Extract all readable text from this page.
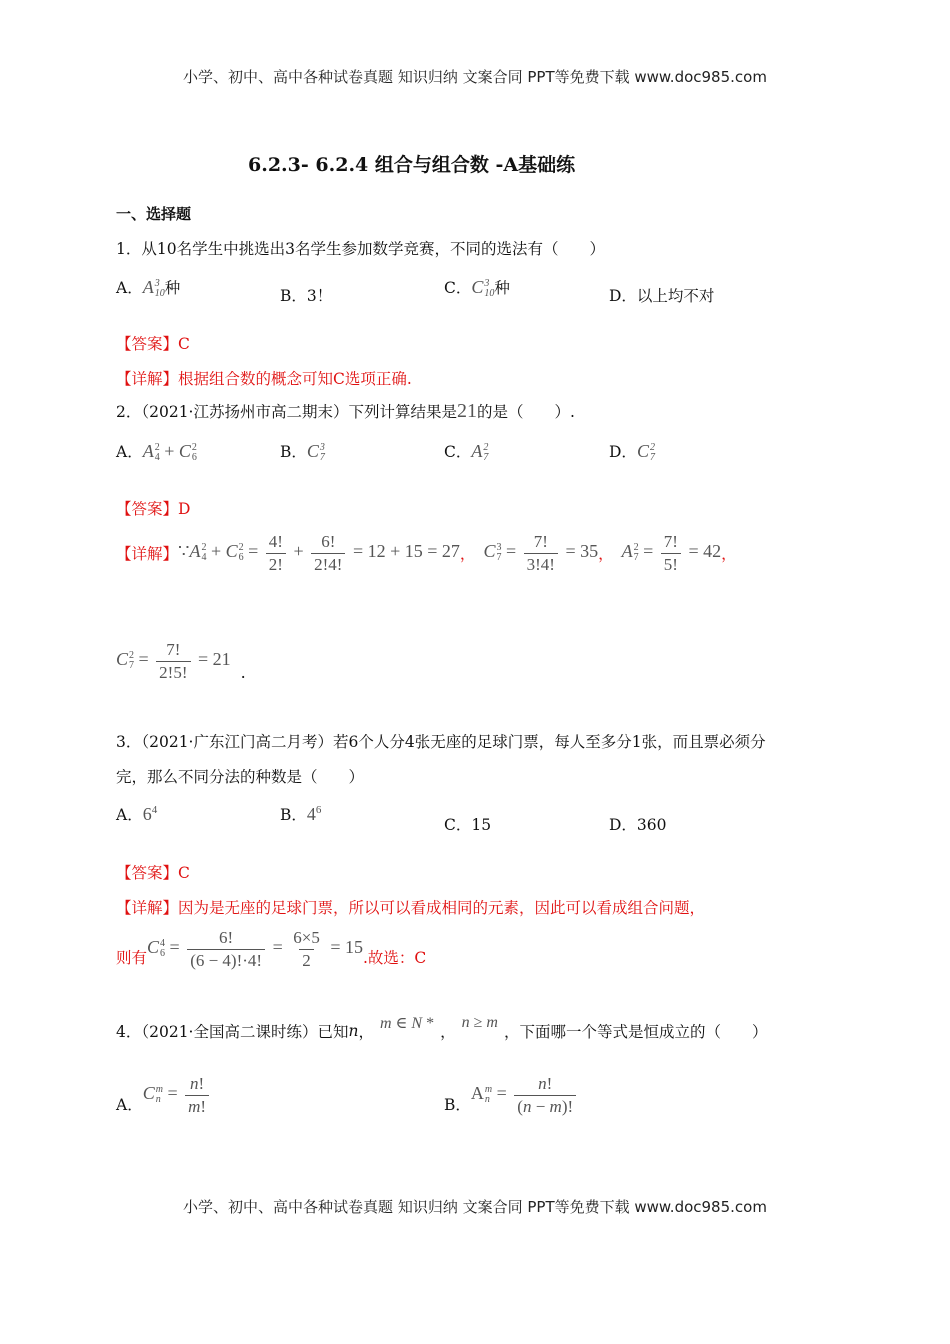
小学、初中、高中各种试卷真题 知识归纳 文案合同 PPT等免费下载 www.doc985.com
小学、初中、高中各种试卷真题 知识归纳 文案合同 PPT等免费下载 www.doc985.com
6.2.3- 6.2.4 组合与组合数 -A基础练
一、选择题
1．从10名学生中挑选出3名学生参加数学竞赛，不同的选法有（　　）
A．A 3
10 种	B．3！	C．C 3
10 种	D．以上均不对
【答案】C
【详解】根据组合数的概念可知C选项正确.
2．（2021·江苏扬州市高二期末）下列计算结果是21的是（　　）.
A．A 2
4 + C 2
6	B．C 3
7	C．A 2
7	D．C 2
7
【答案】D
【详解】 ∵A 2
4 + C 2
$6 = \frac{4!}{2!} + \frac{6!}{2!4!} = 12 + 15 = 27$ ， C 3
$7 = \frac{7!}{3!4!} = 35$ ， A 2
$7 = \frac{7!}{5!} = 42$ ，
C 2
$7 = \frac{7!}{2!5!} = 21$
.
3．（2021·广东江门高二月考）若6个人分4张无座的足球门票，每人至多分1张，而且票必须分
完，那么不同分法的种数是（　　）
A．$6^4$	B．$4^6$
C．15	D．360
【答案】C
【详解】因为是无座的足球门票，所以可以看成相同的元素，因此可以看成组合问题，
则有
C 4
$6 = \frac{6!}{(6 - 4)!\cdot 4!} = \frac{6\times 5}{2} = 15$
.故选：C
4．（2021·全国高二课时练）已知 n ， m ∈ N * ，
n ≥ m
，下面哪一个等式是恒成立的（　　）
A．
C m
$n = \frac{n!}{m!}$	B．
A m
$n = \frac{n!}{(n - m)!}$
